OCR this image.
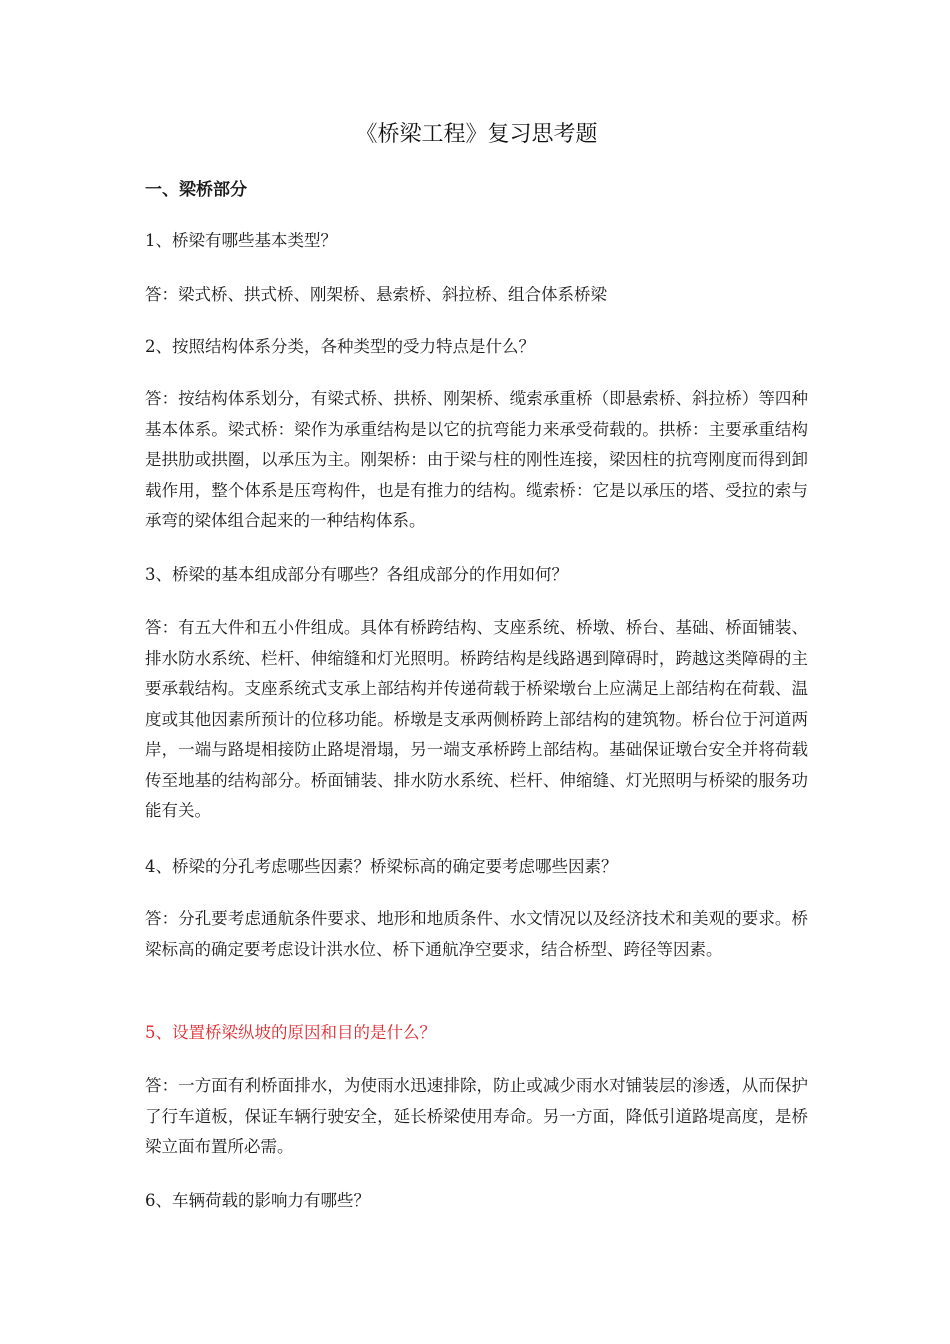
《桥梁工程》复习思考题
一、梁桥部分

1、桥梁有哪些基本类型？

答：梁式桥、拱式桥、刚架桥、悬索桥、斜拉桥、组合体系桥梁

2、按照结构体系分类，各种类型的受力特点是什么？

答：按结构体系划分，有梁式桥、拱桥、刚架桥、缆索承重桥（即悬索桥、斜拉桥）等四种基本体系。梁式桥：梁作为承重结构是以它的抗弯能力来承受荷载的。拱桥：主要承重结构是拱肋或拱圈，以承压为主。刚架桥：由于梁与柱的刚性连接，梁因柱的抗弯刚度而得到卸载作用，整个体系是压弯构件，也是有推力的结构。缆索桥：它是以承压的塔、受拉的索与承弯的梁体组合起来的一种结构体系。

3、桥梁的基本组成部分有哪些？各组成部分的作用如何？

答：有五大件和五小件组成。具体有桥跨结构、支座系统、桥墩、桥台、基础、桥面铺装、排水防水系统、栏杆、伸缩缝和灯光照明。桥跨结构是线路遇到障碍时，跨越这类障碍的主要承载结构。支座系统式支承上部结构并传递荷载于桥梁墩台上应满足上部结构在荷载、温度或其他因素所预计的位移功能。桥墩是支承两侧桥跨上部结构的建筑物。桥台位于河道两岸，一端与路堤相接防止路堤滑塌，另一端支承桥跨上部结构。基础保证墩台安全并将荷载传至地基的结构部分。桥面铺装、排水防水系统、栏杆、伸缩缝、灯光照明与桥梁的服务功能有关。

4、桥梁的分孔考虑哪些因素？桥梁标高的确定要考虑哪些因素？

答：分孔要考虑通航条件要求、地形和地质条件、水文情况以及经济技术和美观的要求。桥梁标高的确定要考虑设计洪水位、桥下通航净空要求，结合桥型、跨径等因素。

5、设置桥梁纵坡的原因和目的是什么？

答：一方面有利桥面排水，为使雨水迅速排除，防止或减少雨水对铺装层的渗透，从而保护了行车道板，保证车辆行驶安全，延长桥梁使用寿命。另一方面，降低引道路堤高度，是桥梁立面布置所必需。

6、车辆荷载的影响力有哪些？
